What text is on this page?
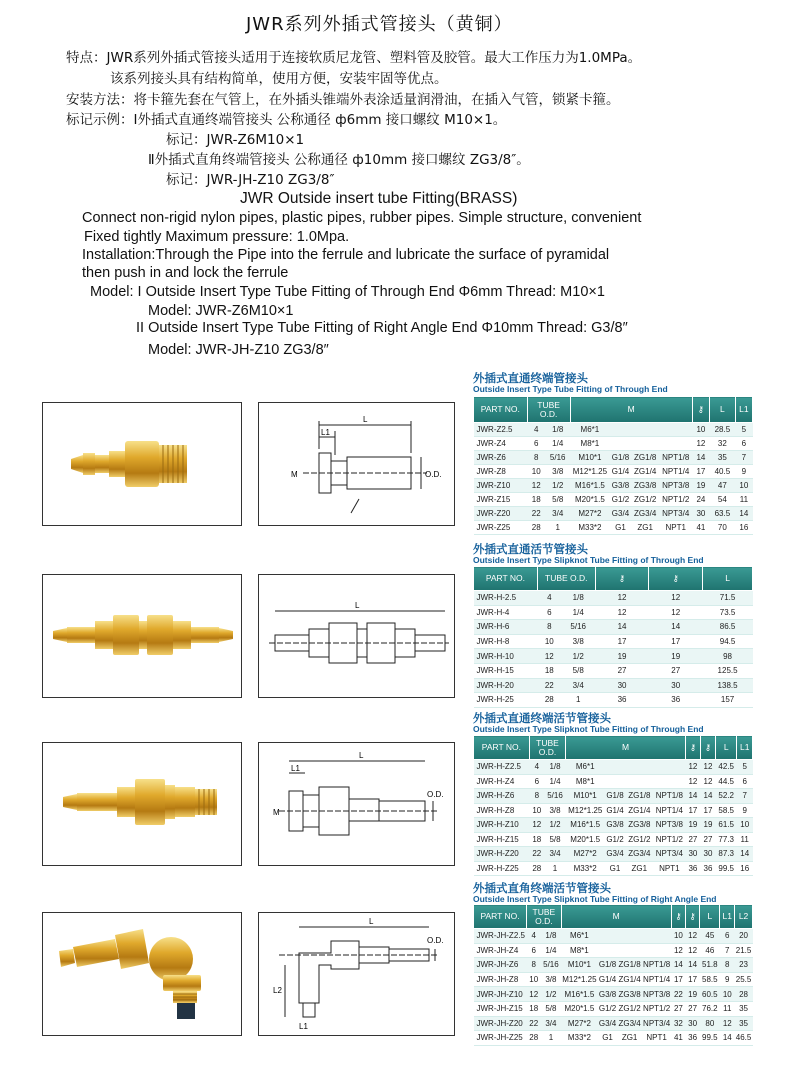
JWR系列外插式管接头（黄铜）
特点：JWR系列外插式管接头适用于连接软质尼龙管、塑料管及胶管。最大工作压力为1.0MPa。
该系列接头具有结构简单，使用方便，安装牢固等优点。
安装方法：将卡箍先套在气管上，在外插头锥端外表涂适量润滑油，在插入气管，锁紧卡箍。
标记示例：Ⅰ外插式直通终端管接头 公称通径 ф6mm 接口螺纹 M10×1。
标记：JWR-Z6M10×1
Ⅱ外插式直角终端管接头 公称通径 ф10mm 接口螺纹 ZG3/8″。
标记：JWR-JH-Z10 ZG3/8″
JWR Outside insert tube Fitting(BRASS)
Connect non-rigid nylon pipes, plastic pipes, rubber pipes. Simple structure, convenient
Fixed tightly Maximum pressure: 1.0Mpa.
Installation:Through the Pipe into the ferrule and lubricate the surface of pyramidal
then push in and lock the ferrule
Model: I Outside Insert Type Tube Fitting of Through End Φ6mm Thread: M10×1
Model: JWR-Z6M10×1
II Outside Insert Type Tube Fitting of Right Angle End Φ10mm Thread: G3/8″
Model: JWR-JH-Z10 ZG3/8″
外插式直通终端管接头
Outside Insert Type Tube Fitting of Through End
外插式直通活节管接头
Outside Insert Type Slipknot Tube Fitting of Through End
外插式直通终端活节管接头
Outside Insert Type Slipknot Tube Fitting of Through End
外插式直角终端活节管接头
Outside Insert Type Slipknot Tube Fitting of Right Angle End
PART NO.	TUBE O.D.		M				⚷	L	L1
JWR-Z2.5	4	1/8	M6*1				10	28.5	5
JWR-Z4	6	1/4	M8*1				12	32	6
JWR-Z6	8	5/16	M10*1	G1/8	ZG1/8	NPT1/8	14	35	7
JWR-Z8	10	3/8	M12*1.25	G1/4	ZG1/4	NPT1/4	17	40.5	9
JWR-Z10	12	1/2	M16*1.5	G3/8	ZG3/8	NPT3/8	19	47	10
JWR-Z15	18	5/8	M20*1.5	G1/2	ZG1/2	NPT1/2	24	54	11
JWR-Z20	22	3/4	M27*2	G3/4	ZG3/4	NPT3/4	30	63.5	14
JWR-Z25	28	1	M33*2	G1	ZG1	NPT1	41	70	16
PART NO.	TUBE O.D.		⚷	⚷	L
JWR-H-2.5	4	1/8	12	12	71.5
JWR-H-4	6	1/4	12	12	73.5
JWR-H-6	8	5/16	14	14	86.5
JWR-H-8	10	3/8	17	17	94.5
JWR-H-10	12	1/2	19	19	98
JWR-H-15	18	5/8	27	27	125.5
JWR-H-20	22	3/4	30	30	138.5
JWR-H-25	28	1	36	36	157
PART NO.	TUBE O.D.		M				⚷	⚷	L	L1
JWR-H-Z2.5	4	1/8	M6*1				12	12	42.5	5
JWR-H-Z4	6	1/4	M8*1				12	12	44.5	6
JWR-H-Z6	8	5/16	M10*1	G1/8	ZG1/8	NPT1/8	14	14	52.2	7
JWR-H-Z8	10	3/8	M12*1.25	G1/4	ZG1/4	NPT1/4	17	17	58.5	9
JWR-H-Z10	12	1/2	M16*1.5	G3/8	ZG3/8	NPT3/8	19	19	61.5	10
JWR-H-Z15	18	5/8	M20*1.5	G1/2	ZG1/2	NPT1/2	27	27	77.3	11
JWR-H-Z20	22	3/4	M27*2	G3/4	ZG3/4	NPT3/4	30	30	87.3	14
JWR-H-Z25	28	1	M33*2	G1	ZG1	NPT1	36	36	99.5	16
PART NO.	TUBE O.D.		M				⚷	⚷	L	L1	L2
JWR-JH-Z2.5	4	1/8	M6*1				10	12	45	6	20
JWR-JH-Z4	6	1/4	M8*1				12	12	46	7	21.5
JWR-JH-Z6	8	5/16	M10*1	G1/8	ZG1/8	NPT1/8	14	14	51.8	8	23
JWR-JH-Z8	10	3/8	M12*1.25	G1/4	ZG1/4	NPT1/4	17	17	58.5	9	25.5
JWR-JH-Z10	12	1/2	M16*1.5	G3/8	ZG3/8	NPT3/8	22	19	60.5	10	28
JWR-JH-Z15	18	5/8	M20*1.5	G1/2	ZG1/2	NPT1/2	27	27	76.2	11	35
JWR-JH-Z20	22	3/4	M27*2	G3/4	ZG3/4	NPT3/4	32	30	80	12	35
JWR-JH-Z25	28	1	M33*2	G1	ZG1	NPT1	41	36	99.5	14	46.5
L
L1
M	O.D.
L
L
L1
M
O.D.
L
L2
L1
O.D.
